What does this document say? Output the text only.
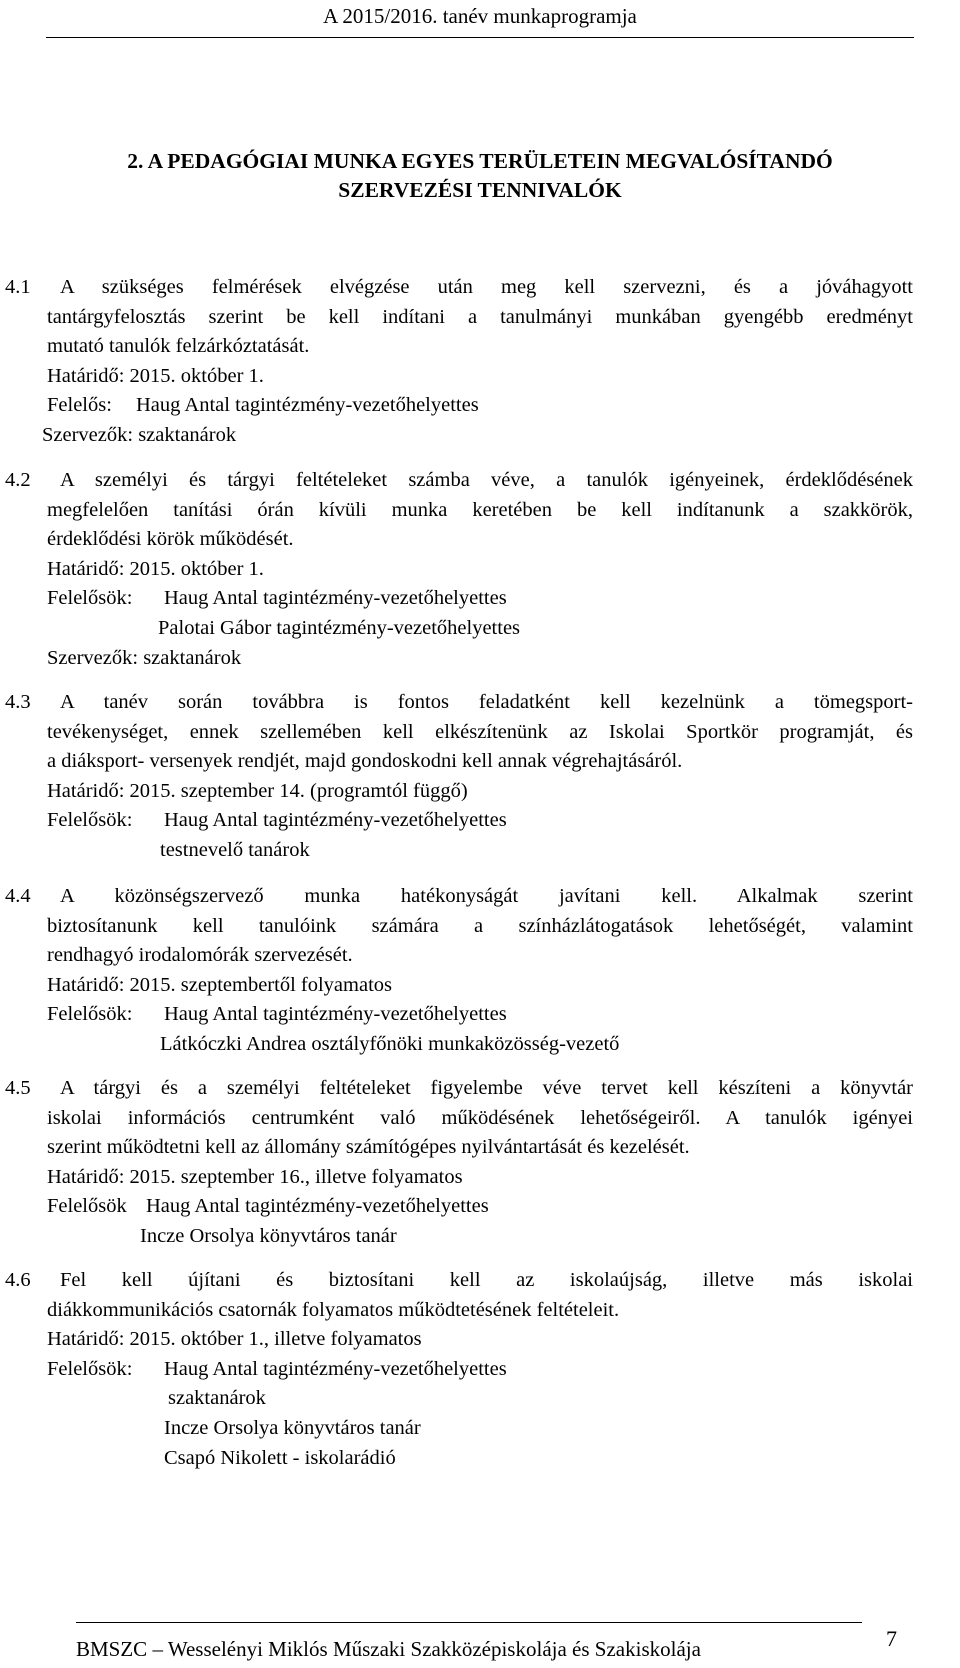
A 2015/2016. tanév munkaprogramja
2. A PEDAGÓGIAI MUNKA EGYES TERÜLETEIN MEGVALÓSÍTANDÓ
SZERVEZÉSI TENNIVALÓK
4.1 A szükséges felmérések elvégzése után meg kell szervezni, és a jóváhagyott
tantárgyfelosztás szerint be kell indítani a tanulmányi munkában gyengébb eredményt
mutató tanulók felzárkóztatását.
Határidő: 2015. október 1.
Felelős: Haug Antal tagintézmény-vezetőhelyettes
Szervezők: szaktanárok
4.2 A személyi és tárgyi feltételeket számba véve, a tanulók igényeinek, érdeklődésének
megfelelően tanítási órán kívüli munka keretében be kell indítanunk a szakkörök,
érdeklődési körök működését.
Határidő: 2015. október 1.
Felelősök: Haug Antal tagintézmény-vezetőhelyettes
Palotai Gábor tagintézmény-vezetőhelyettes
Szervezők: szaktanárok
4.3 A tanév során továbbra is fontos feladatként kell kezelnünk a tömegsport-
tevékenységet, ennek szellemében kell elkészítenünk az Iskolai Sportkör programját, és
a diáksport- versenyek rendjét, majd gondoskodni kell annak végrehajtásáról.
Határidő: 2015. szeptember 14. (programtól függő)
Felelősök: Haug Antal tagintézmény-vezetőhelyettes
testnevelő tanárok
4.4 A közönségszervező munka hatékonyságát javítani kell. Alkalmak szerint
biztosítanunk kell tanulóink számára a színházlátogatások lehetőségét, valamint
rendhagyó irodalomórák szervezését.
Határidő: 2015. szeptembertől folyamatos
Felelősök: Haug Antal tagintézmény-vezetőhelyettes
Látkóczki Andrea osztályfőnöki munkaközösség-vezető
4.5 A tárgyi és a személyi feltételeket figyelembe véve tervet kell készíteni a könyvtár
iskolai információs centrumként való működésének lehetőségeiről. A tanulók igényei
szerint működtetni kell az állomány számítógépes nyilvántartását és kezelését.
Határidő: 2015. szeptember 16., illetve folyamatos
Felelősök Haug Antal tagintézmény-vezetőhelyettes
Incze Orsolya könyvtáros tanár
4.6 Fel kell újítani és biztosítani kell az iskolaújság, illetve más iskolai
diákkommunikációs csatornák folyamatos működtetésének feltételeit.
Határidő: 2015. október 1., illetve folyamatos
Felelősök: Haug Antal tagintézmény-vezetőhelyettes
szaktanárok
Incze Orsolya könyvtáros tanár
Csapó Nikolett - iskolarádió
BMSZC – Wesselényi Miklós Műszaki Szakközépiskolája és Szakiskolája	7
